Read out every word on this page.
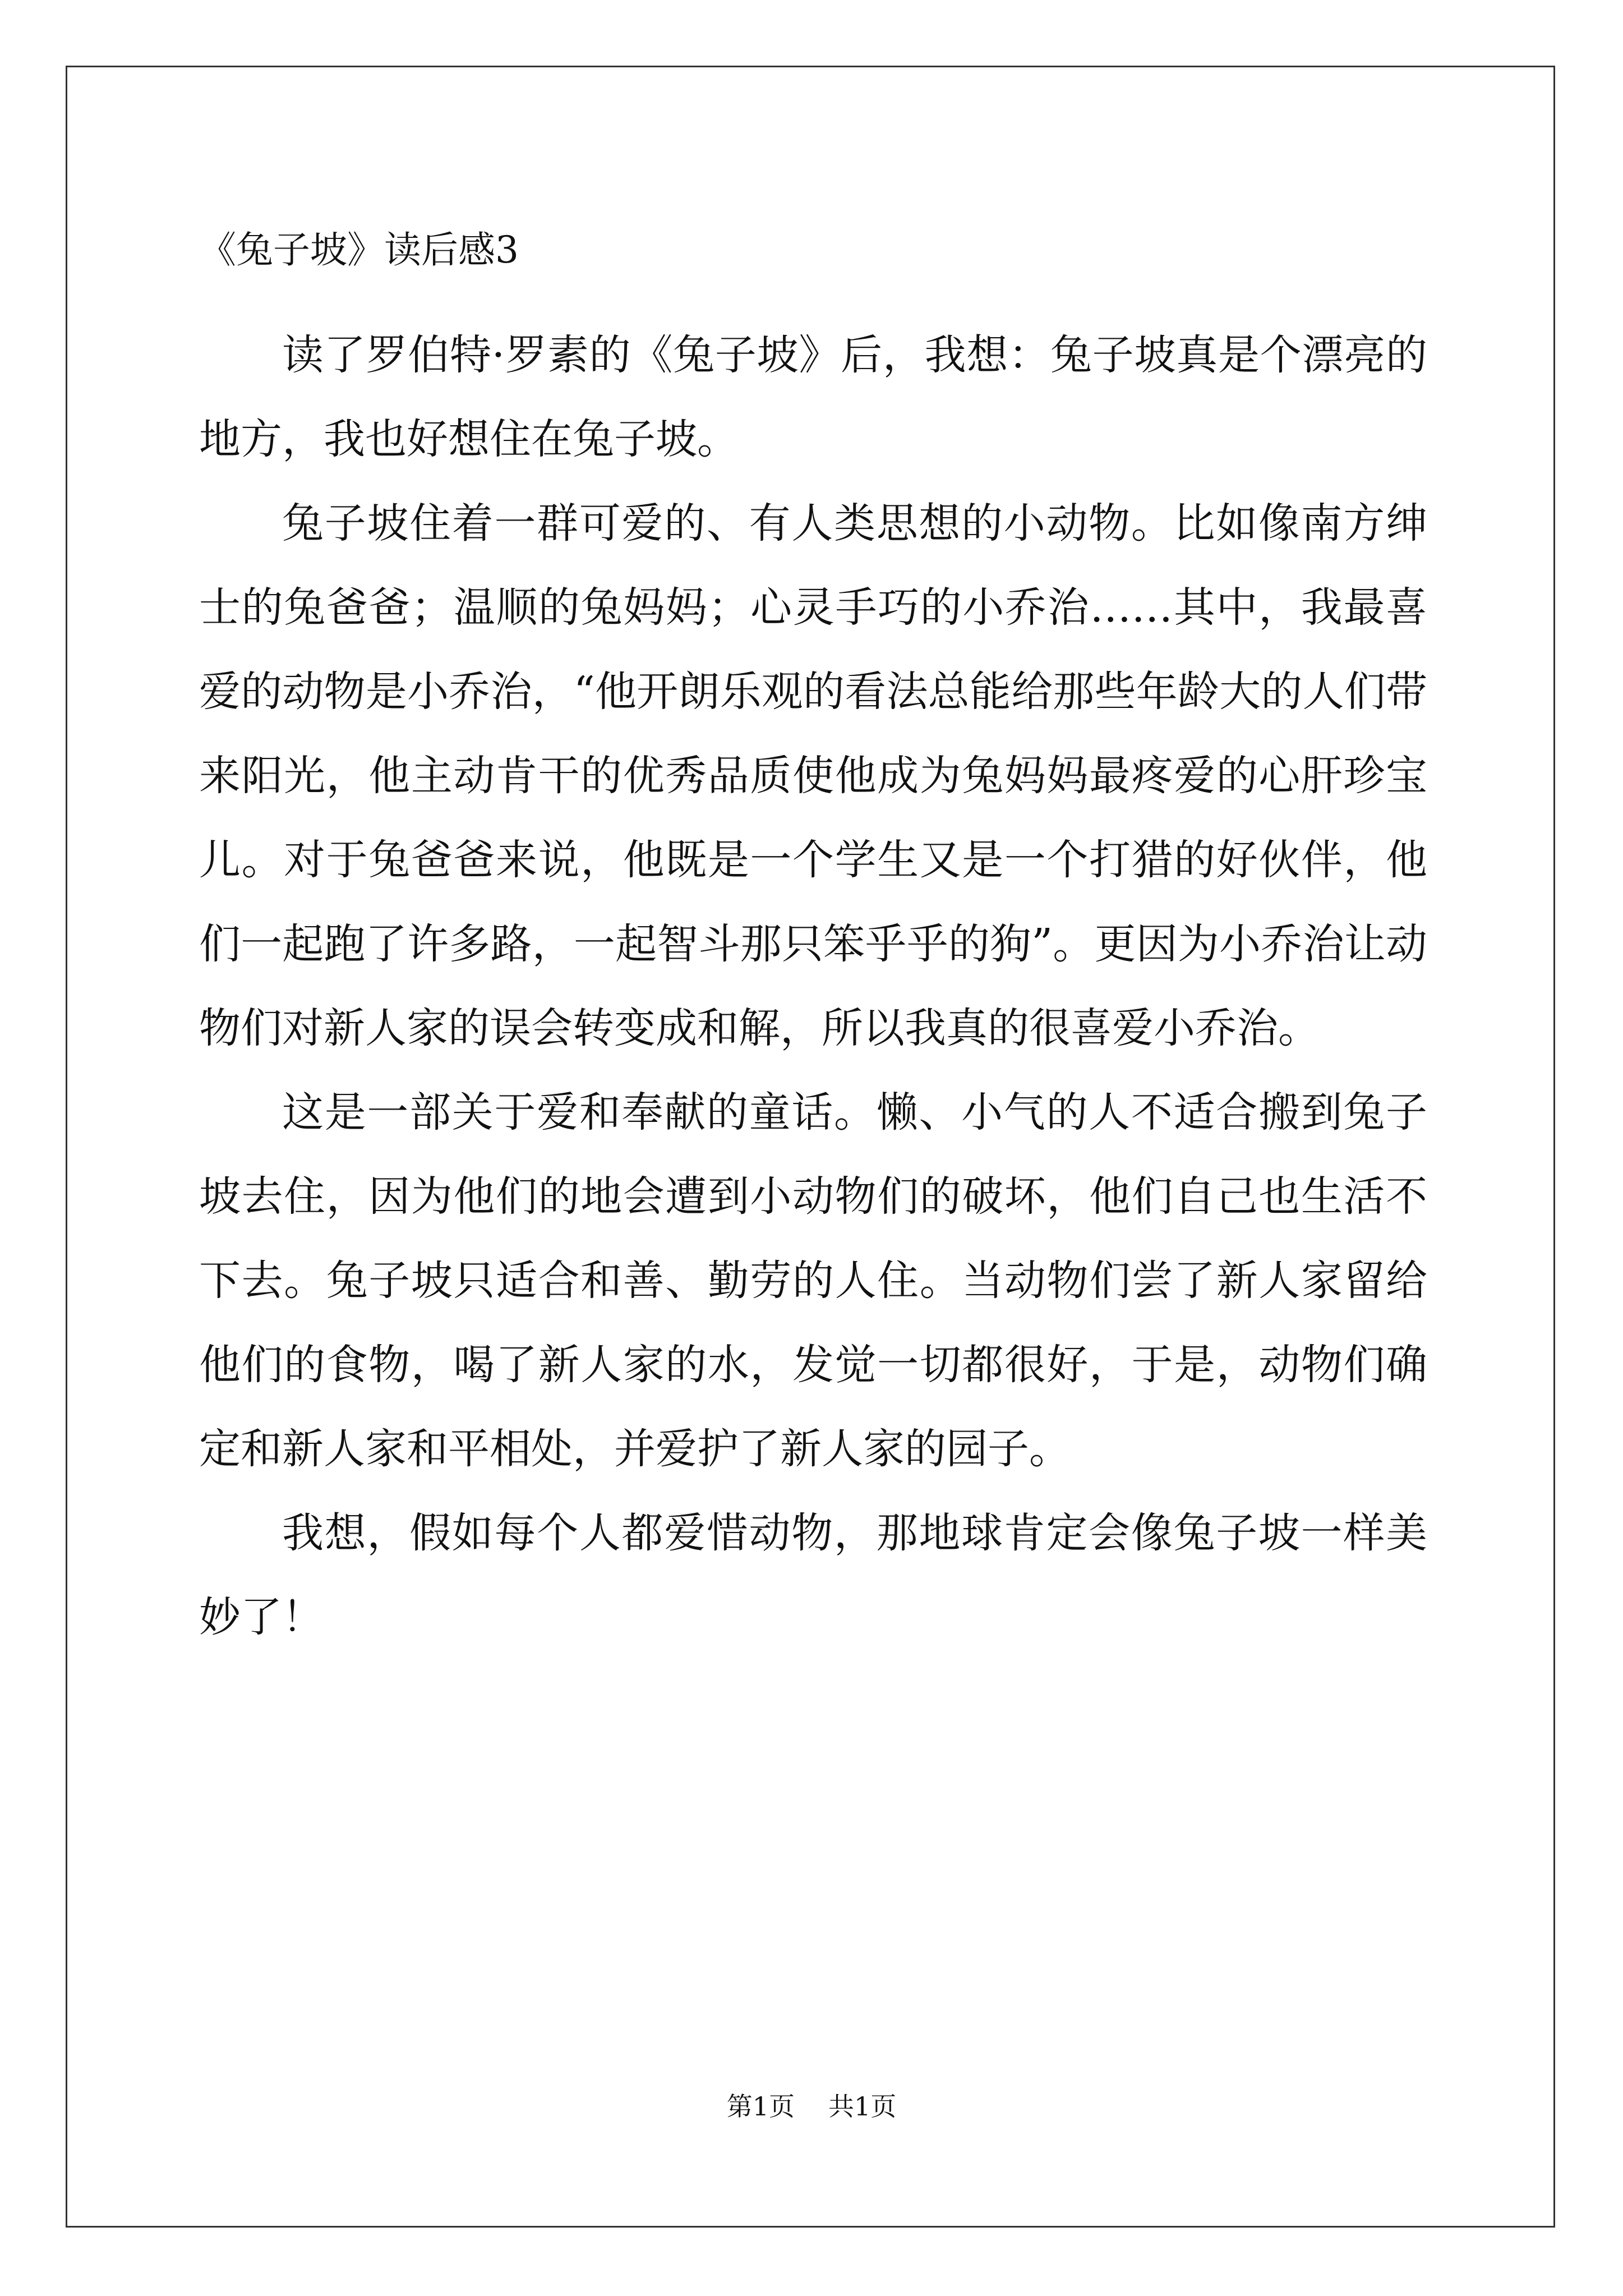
《兔子坡》读后感3

读了罗伯特·罗素的《兔子坡》后，我想：兔子坡真是个漂亮的地方，我也好想住在兔子坡。

兔子坡住着一群可爱的、有人类思想的小动物。比如像南方绅士的兔爸爸；温顺的兔妈妈；心灵手巧的小乔治……其中，我最喜爱的动物是小乔治，“他开朗乐观的看法总能给那些年龄大的人们带来阳光，他主动肯干的优秀品质使他成为兔妈妈最疼爱的心肝珍宝儿。对于兔爸爸来说，他既是一个学生又是一个打猎的好伙伴，他们一起跑了许多路，一起智斗那只笨乎乎的狗”。更因为小乔治让动物们对新人家的误会转变成和解，所以我真的很喜爱小乔治。

这是一部关于爱和奉献的童话。懒、小气的人不适合搬到兔子坡去住，因为他们的地会遭到小动物们的破坏，他们自己也生活不下去。兔子坡只适合和善、勤劳的人住。当动物们尝了新人家留给他们的食物，喝了新人家的水，发觉一切都很好，于是，动物们确定和新人家和平相处，并爱护了新人家的园子。

我想，假如每个人都爱惜动物，那地球肯定会像兔子坡一样美妙了！

第1页 共1页
